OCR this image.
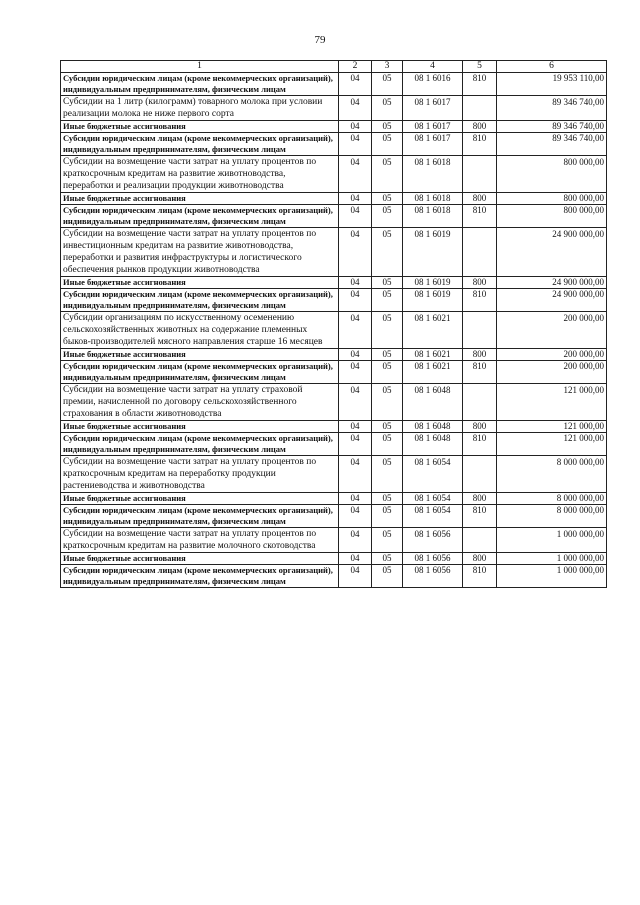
79
1	2	3	4	5	6
Субсидии юридическим лицам (кроме некоммерческих организаций), индивидуальным предпринимателям, физическим лицам	04	05	08 1 6016	810	19 953 110,00
Субсидии на 1 литр (килограмм) товарного молока при условии реализации молока не ниже первого сорта	04	05	08 1 6017		89 346 740,00
Иные бюджетные ассигнования	04	05	08 1 6017	800	89 346 740,00
Субсидии юридическим лицам (кроме некоммерческих организаций), индивидуальным предпринимателям, физическим лицам	04	05	08 1 6017	810	89 346 740,00
Субсидии на возмещение части затрат на уплату процентов по краткосрочным кредитам на развитие животноводства, переработки и реализации продукции животноводства	04	05	08 1 6018		800 000,00
Иные бюджетные ассигнования	04	05	08 1 6018	800	800 000,00
Субсидии юридическим лицам (кроме некоммерческих организаций), индивидуальным предпринимателям, физическим лицам	04	05	08 1 6018	810	800 000,00
Субсидии на возмещение части затрат на уплату процентов по инвестиционным кредитам на развитие животноводства, переработки и развития инфраструктуры и логистического обеспечения рынков продукции животноводства	04	05	08 1 6019		24 900 000,00
Иные бюджетные ассигнования	04	05	08 1 6019	800	24 900 000,00
Субсидии юридическим лицам (кроме некоммерческих организаций), индивидуальным предпринимателям, физическим лицам	04	05	08 1 6019	810	24 900 000,00
Субсидии организациям по искусственному осеменению сельскохозяйственных животных на содержание племенных быков-производителей мясного направления старше 16 месяцев	04	05	08 1 6021		200 000,00
Иные бюджетные ассигнования	04	05	08 1 6021	800	200 000,00
Субсидии юридическим лицам (кроме некоммерческих организаций), индивидуальным предпринимателям, физическим лицам	04	05	08 1 6021	810	200 000,00
Субсидии на возмещение части затрат на уплату страховой премии, начисленной по договору сельскохозяйственного страхования в области животноводства	04	05	08 1 6048		121 000,00
Иные бюджетные ассигнования	04	05	08 1 6048	800	121 000,00
Субсидии юридическим лицам (кроме некоммерческих организаций), индивидуальным предпринимателям, физическим лицам	04	05	08 1 6048	810	121 000,00
Субсидии на возмещение части затрат на уплату процентов по краткосрочным кредитам на переработку продукции растениеводства и животноводства	04	05	08 1 6054		8 000 000,00
Иные бюджетные ассигнования	04	05	08 1 6054	800	8 000 000,00
Субсидии юридическим лицам (кроме некоммерческих организаций), индивидуальным предпринимателям, физическим лицам	04	05	08 1 6054	810	8 000 000,00
Субсидии на возмещение части затрат на уплату процентов по краткосрочным кредитам на развитие молочного скотоводства	04	05	08 1 6056		1 000 000,00
Иные бюджетные ассигнования	04	05	08 1 6056	800	1 000 000,00
Субсидии юридическим лицам (кроме некоммерческих организаций), индивидуальным предпринимателям, физическим лицам	04	05	08 1 6056	810	1 000 000,00
